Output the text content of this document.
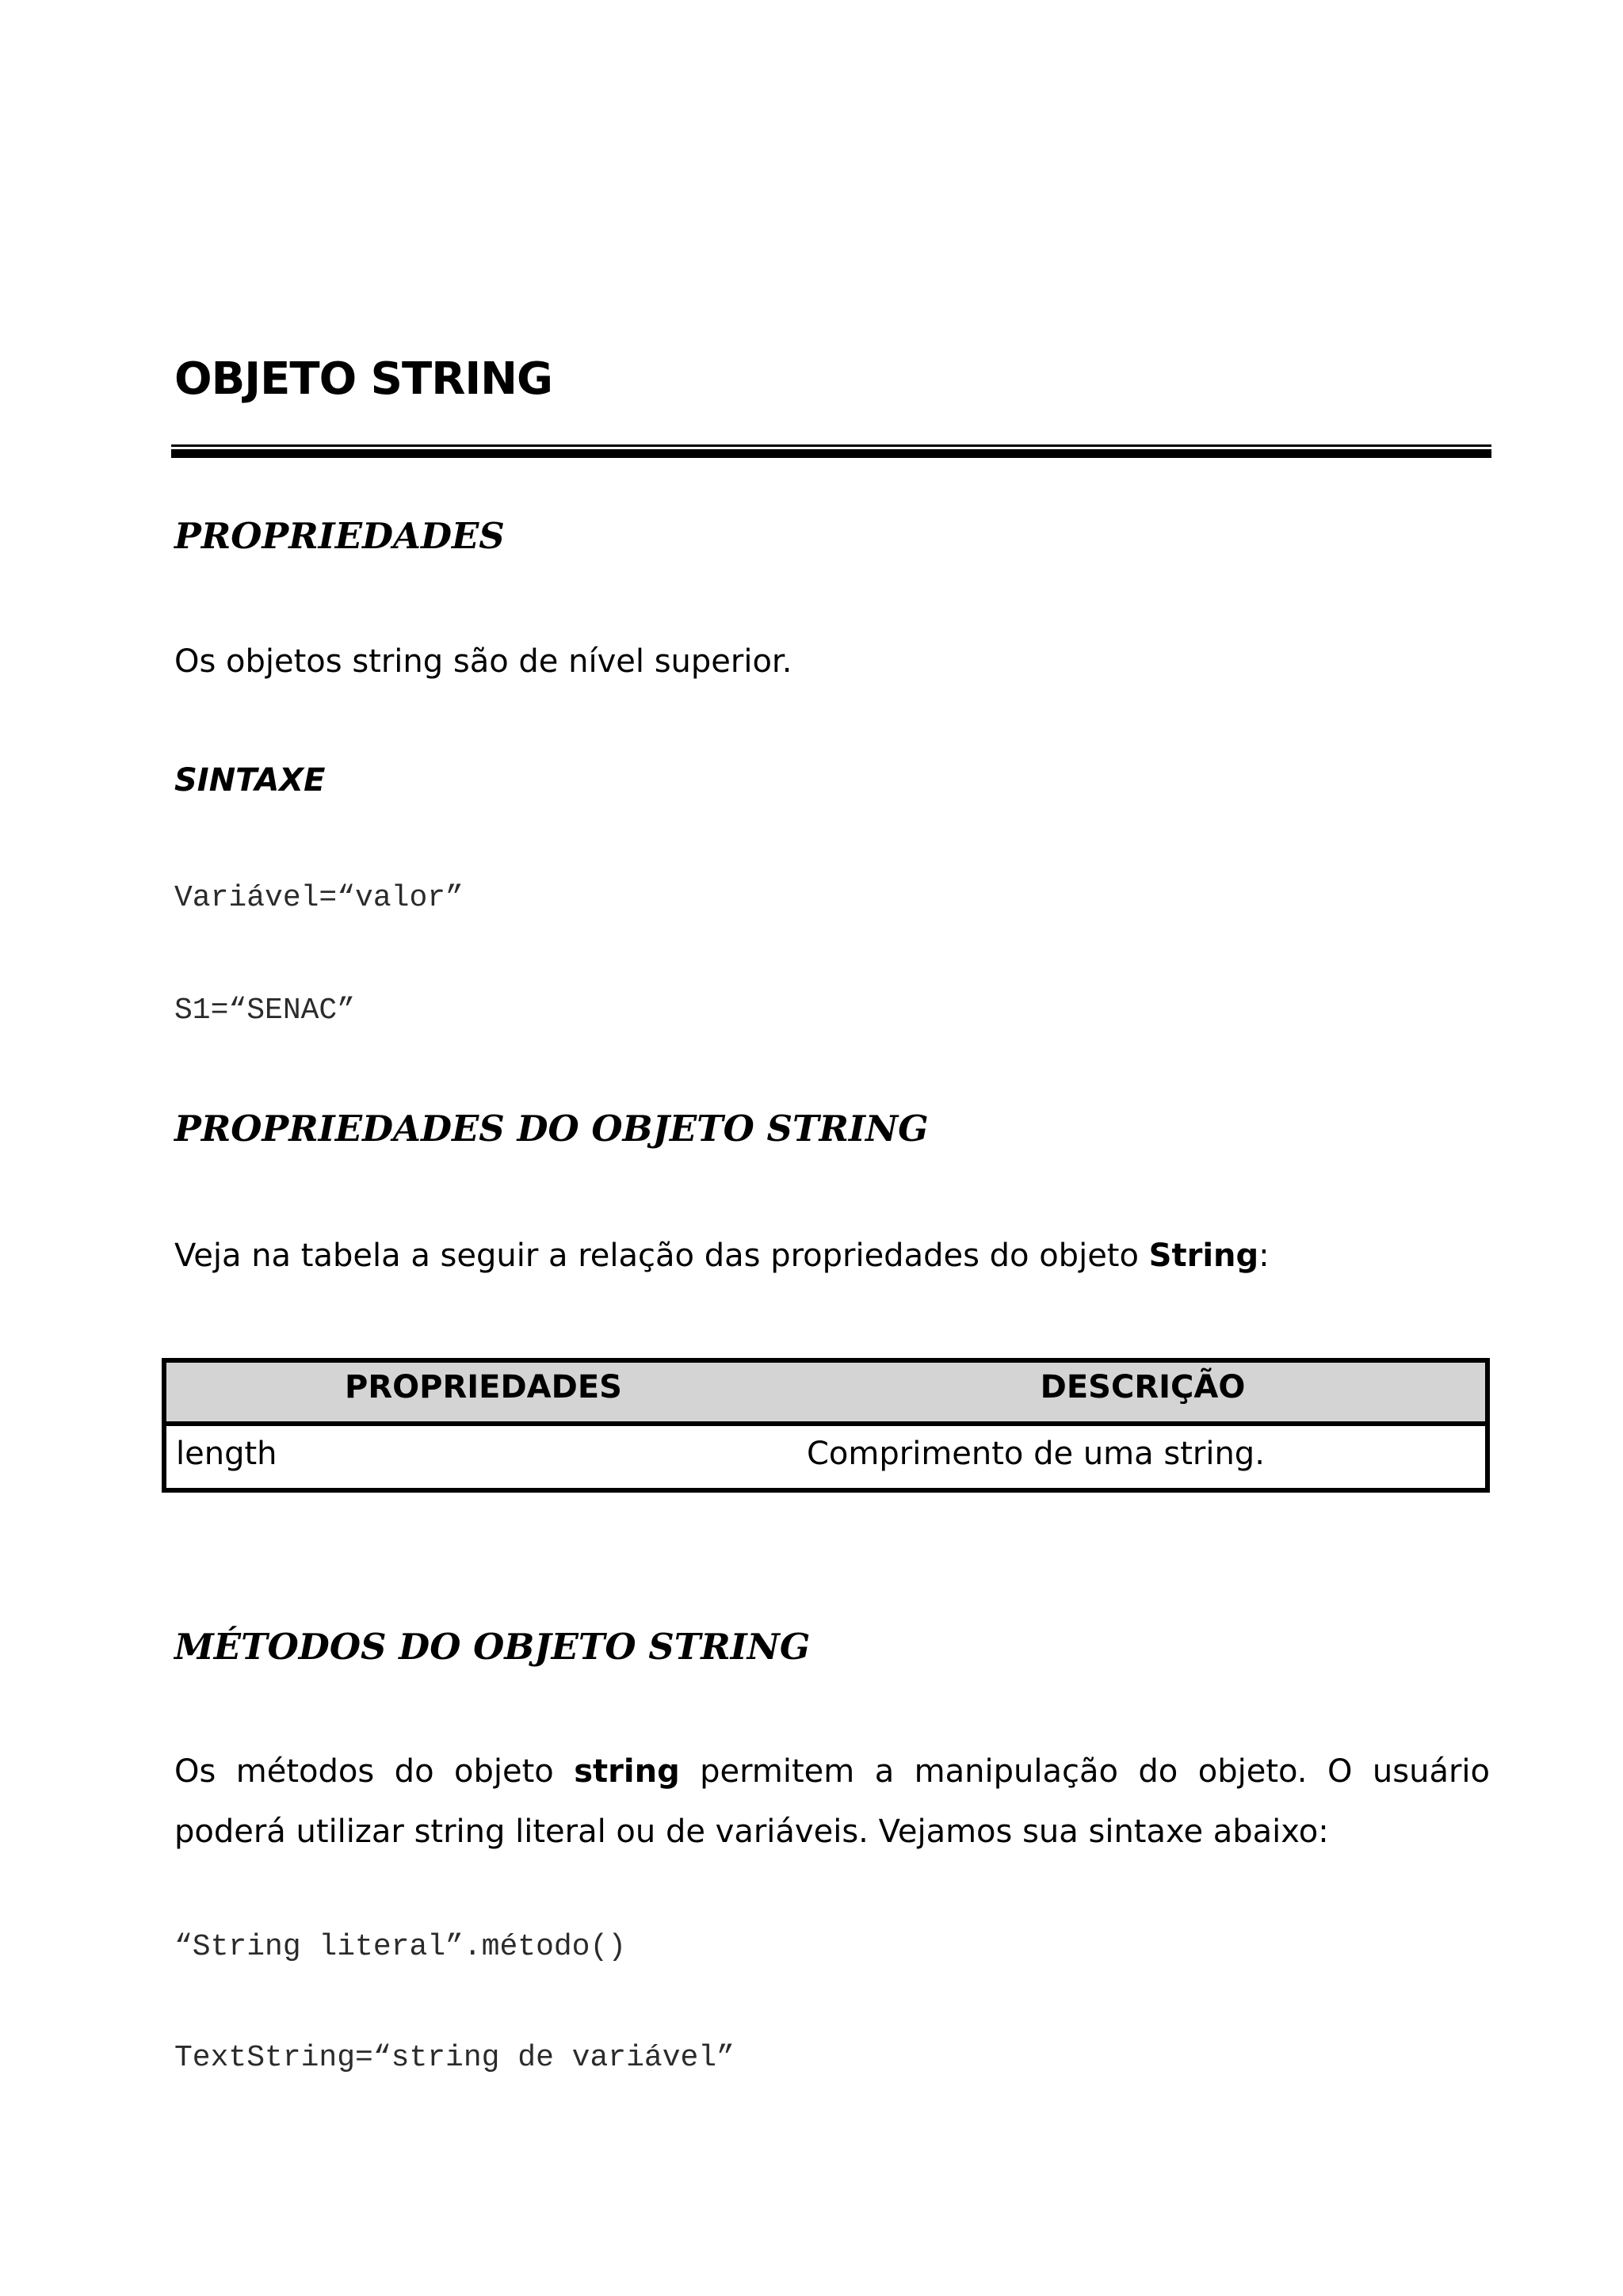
OBJETO STRING
PROPRIEDADES
Os objetos string são de nível superior.
SINTAXE
Variável=“valor”
S1=“SENAC”
PROPRIEDADES DO OBJETO STRING
Veja na tabela a seguir a relação das propriedades do objeto String:
PROPRIEDADES	DESCRIÇÃO
length	Comprimento de uma string.
MÉTODOS DO OBJETO STRING
Os métodos do objeto string permitem a manipulação do objeto. O usuário poderá utilizar string literal ou de variáveis. Vejamos sua sintaxe abaixo:
“String literal”.método()
TextString=“string de variável”
